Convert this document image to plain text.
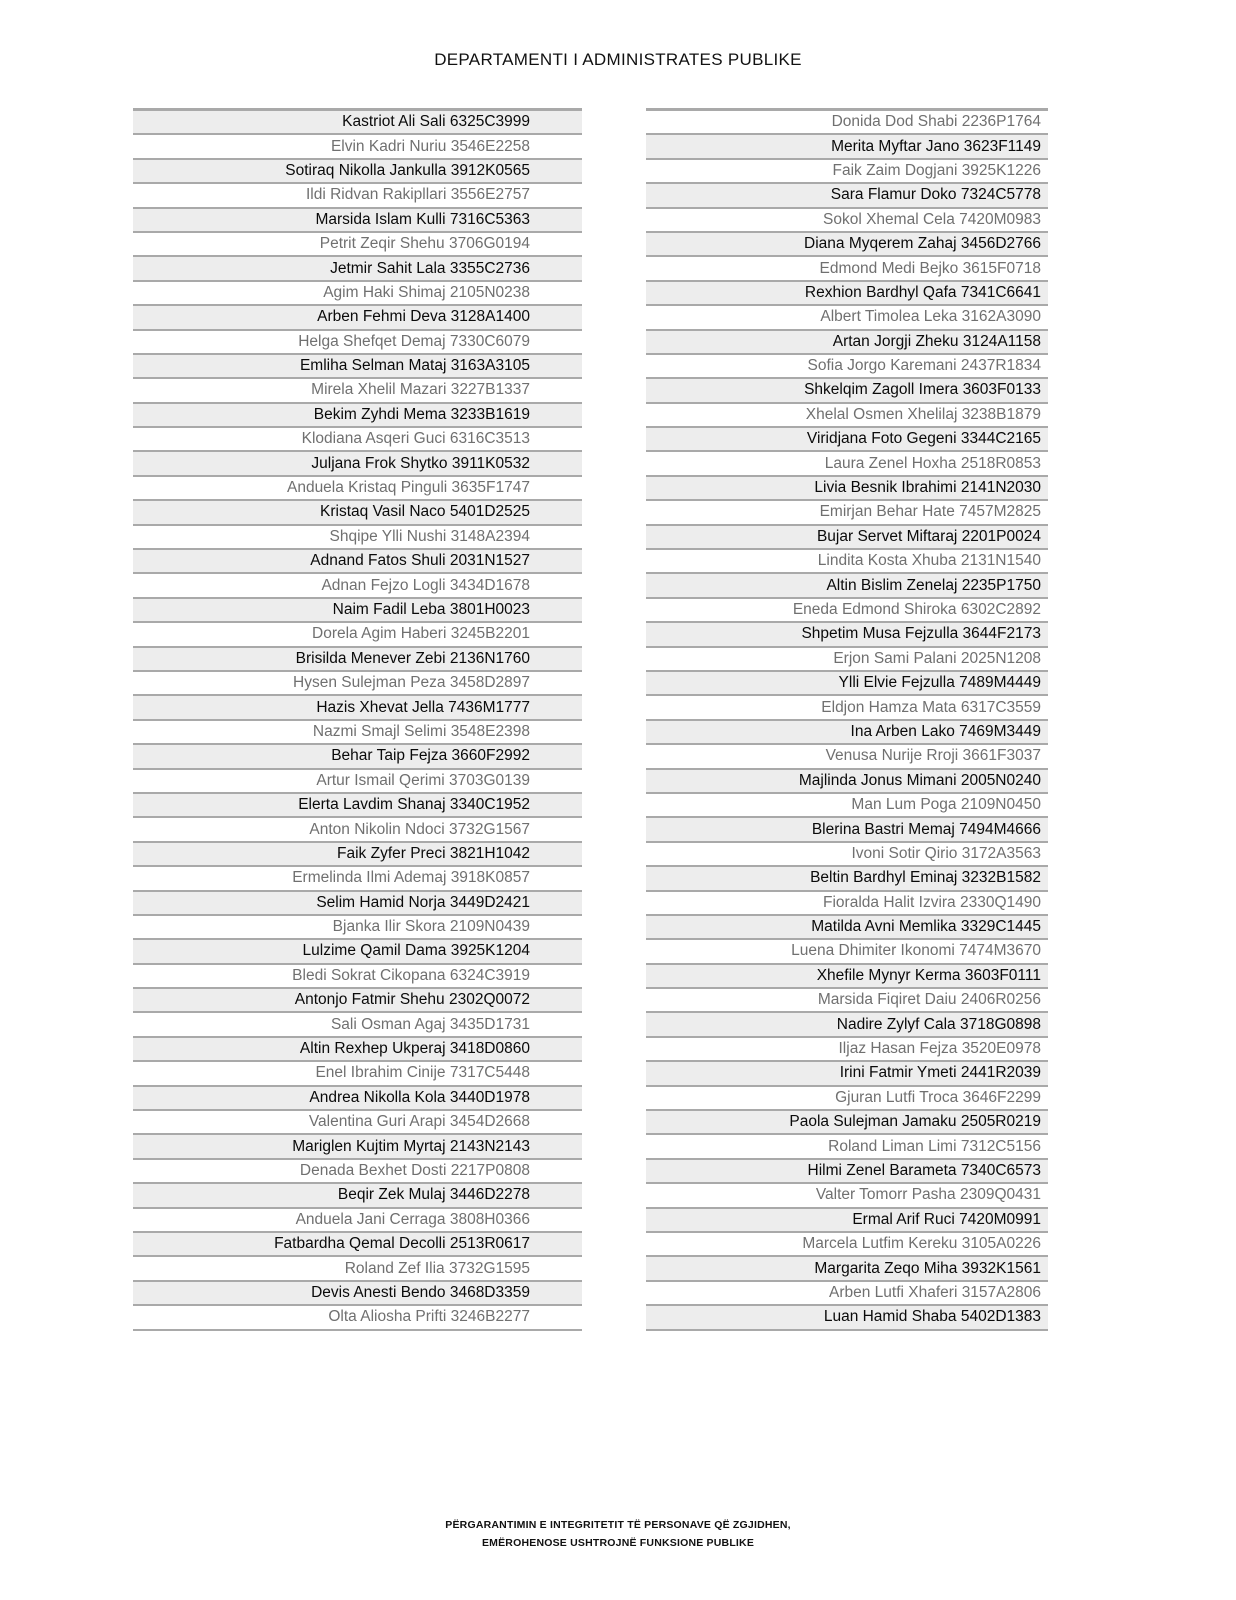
DEPARTAMENTI I ADMINISTRATES PUBLIKE
Kastriot Ali Sali 6325C3999
Elvin Kadri Nuriu 3546E2258
Sotiraq Nikolla Jankulla 3912K0565
Ildi Ridvan Rakipllari 3556E2757
Marsida Islam Kulli 7316C5363
Petrit Zeqir Shehu 3706G0194
Jetmir Sahit Lala 3355C2736
Agim Haki Shimaj 2105N0238
Arben Fehmi Deva 3128A1400
Helga Shefqet Demaj 7330C6079
Emliha Selman Mataj 3163A3105
Mirela Xhelil Mazari 3227B1337
Bekim Zyhdi Mema 3233B1619
Klodiana Asqeri Guci 6316C3513
Juljana Frok Shytko 3911K0532
Anduela Kristaq Pinguli 3635F1747
Kristaq Vasil Naco 5401D2525
Shqipe Ylli Nushi 3148A2394
Adnand Fatos Shuli 2031N1527
Adnan Fejzo Logli 3434D1678
Naim Fadil Leba 3801H0023
Dorela Agim Haberi 3245B2201
Brisilda Menever Zebi 2136N1760
Hysen Sulejman Peza 3458D2897
Hazis Xhevat Jella 7436M1777
Nazmi Smajl Selimi 3548E2398
Behar Taip Fejza 3660F2992
Artur Ismail Qerimi 3703G0139
Elerta Lavdim Shanaj 3340C1952
Anton Nikolin Ndoci 3732G1567
Faik Zyfer Preci 3821H1042
Ermelinda Ilmi Ademaj 3918K0857
Selim Hamid Norja 3449D2421
Bjanka Ilir Skora 2109N0439
Lulzime Qamil Dama 3925K1204
Bledi Sokrat Cikopana 6324C3919
Antonjo Fatmir Shehu 2302Q0072
Sali Osman Agaj 3435D1731
Altin Rexhep Ukperaj 3418D0860
Enel Ibrahim Cinije 7317C5448
Andrea Nikolla Kola 3440D1978
Valentina Guri Arapi 3454D2668
Mariglen Kujtim Myrtaj 2143N2143
Denada Bexhet Dosti 2217P0808
Beqir Zek Mulaj 3446D2278
Anduela Jani Cerraga 3808H0366
Fatbardha Qemal Decolli 2513R0617
Roland Zef Ilia 3732G1595
Devis Anesti Bendo 3468D3359
Olta Aliosha Prifti 3246B2277
Donida Dod Shabi 2236P1764
Merita Myftar Jano 3623F1149
Faik Zaim Dogjani 3925K1226
Sara Flamur Doko 7324C5778
Sokol Xhemal Cela 7420M0983
Diana Myqerem Zahaj 3456D2766
Edmond Medi Bejko 3615F0718
Rexhion Bardhyl Qafa 7341C6641
Albert Timolea Leka 3162A3090
Artan Jorgji Zheku 3124A1158
Sofia Jorgo Karemani 2437R1834
Shkelqim Zagoll Imera 3603F0133
Xhelal Osmen Xhelilaj 3238B1879
Viridjana Foto Gegeni 3344C2165
Laura Zenel Hoxha 2518R0853
Livia Besnik Ibrahimi 2141N2030
Emirjan Behar Hate 7457M2825
Bujar Servet Miftaraj 2201P0024
Lindita Kosta Xhuba 2131N1540
Altin Bislim Zenelaj 2235P1750
Eneda Edmond Shiroka 6302C2892
Shpetim Musa Fejzulla 3644F2173
Erjon Sami Palani 2025N1208
Ylli Elvie Fejzulla 7489M4449
Eldjon Hamza Mata 6317C3559
Ina Arben Lako 7469M3449
Venusa Nurije Rroji 3661F3037
Majlinda Jonus Mimani 2005N0240
Man Lum Poga 2109N0450
Blerina Bastri Memaj 7494M4666
Ivoni Sotir Qirio 3172A3563
Beltin Bardhyl Eminaj 3232B1582
Fioralda Halit Izvira 2330Q1490
Matilda Avni Memlika 3329C1445
Luena Dhimiter Ikonomi 7474M3670
Xhefile Mynyr Kerma 3603F0111
Marsida Fiqiret Daiu 2406R0256
Nadire Zylyf Cala 3718G0898
Iljaz Hasan Fejza 3520E0978
Irini Fatmir Ymeti 2441R2039
Gjuran Lutfi Troca 3646F2299
Paola Sulejman Jamaku 2505R0219
Roland Liman Limi 7312C5156
Hilmi Zenel Barameta 7340C6573
Valter Tomorr Pasha 2309Q0431
Ermal Arif Ruci 7420M0991
Marcela Lutfim Kereku 3105A0226
Margarita Zeqo Miha 3932K1561
Arben Lutfi Xhaferi 3157A2806
Luan Hamid Shaba 5402D1383
PËRGARANTIMIN E INTEGRITETIT TË PERSONAVE QË ZGJIDHEN,
EMËROHENOSE USHTROJNË FUNKSIONE PUBLIKE
